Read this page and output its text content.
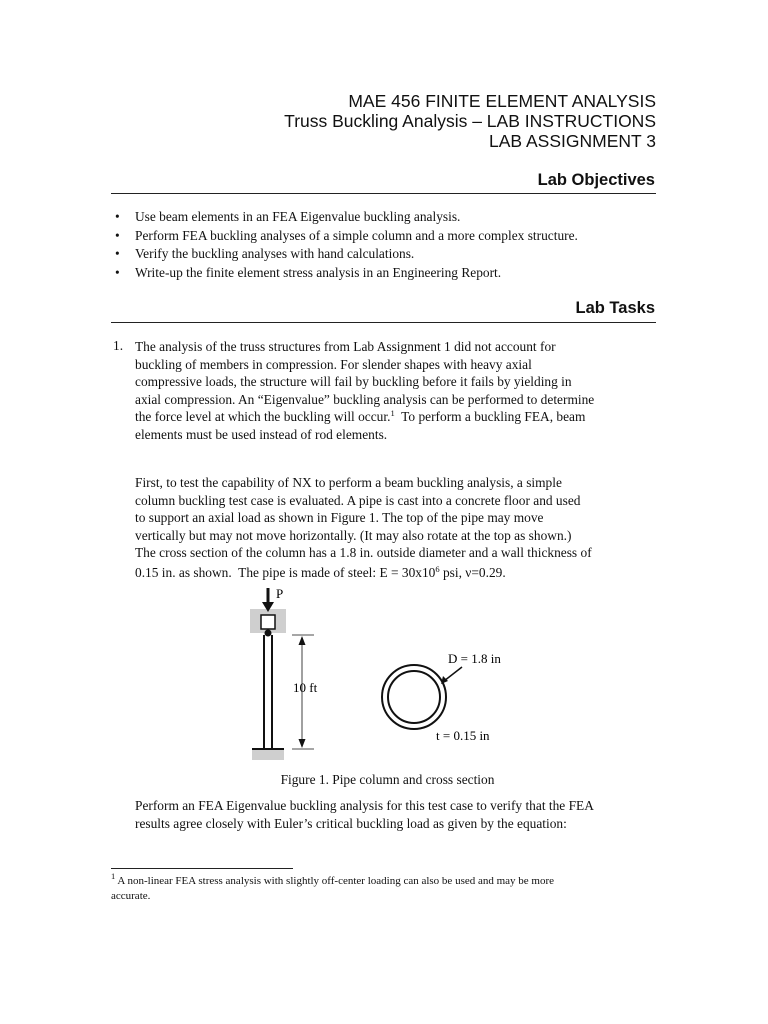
MAE 456 FINITE ELEMENT ANALYSIS
Truss Buckling Analysis – LAB INSTRUCTIONS
LAB ASSIGNMENT 3
Lab Objectives
• Use beam elements in an FEA Eigenvalue buckling analysis.
• Perform FEA buckling analyses of a simple column and a more complex structure.
• Verify the buckling analyses with hand calculations.
• Write-up the finite element stress analysis in an Engineering Report.
Lab Tasks
1. The analysis of the truss structures from Lab Assignment 1 did not account for
buckling of members in compression. For slender shapes with heavy axial
compressive loads, the structure will fail by buckling before it fails by yielding in
axial compression. An “Eigenvalue” buckling analysis can be performed to determine
the force level at which the buckling will occur.$^1$  To perform a buckling FEA, beam
elements must be used instead of rod elements.
First, to test the capability of NX to perform a beam buckling analysis, a simple
column buckling test case is evaluated. A pipe is cast into a concrete floor and used
to support an axial load as shown in Figure 1. The top of the pipe may move
vertically but may not move horizontally. (It may also rotate at the top as shown.)
The cross section of the column has a 1.8 in. outside diameter and a wall thickness of
0.15 in. as shown.  The pipe is made of steel: $E = 30x10^6$ psi, ν=0.29.
P
10 ft
D = 1.8 in
t = 0.15 in
Figure 1. Pipe column and cross section
Perform an FEA Eigenvalue buckling analysis for this test case to verify that the FEA
results agree closely with Euler’s critical buckling load as given by the equation:
$^1$ A non-linear FEA stress analysis with slightly off-center loading can also be used and may be more
accurate.
